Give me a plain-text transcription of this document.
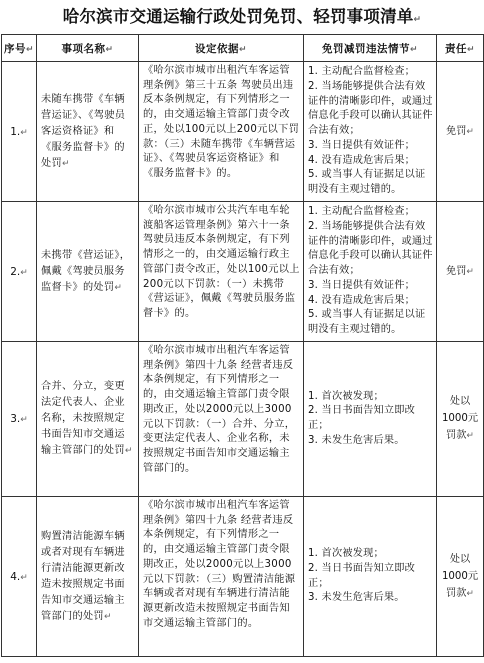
哈尔滨市交通运输行政处罚免罚、轻罚事项清单↵
序号↵	事项名称↵	设定依据↵	免罚减罚违法情节↵	责任↵
1.↵	未随车携带《车辆营运证》、《驾驶员客运资格证》和《服务监督卡》的处罚↵	《哈尔滨市城市出租汽车客运管理条例》第三十五条 驾驶员出违反本条例规定，有下列情形之一的，由交通运输主管部门责令改正，处以100元以上200元以下罚款：（三）未随车携带《车辆营运证》、《驾驶员客运资格证》和《服务监督卡》的。	1. 主动配合监督检查；
2. 当场能够提供合法有效证件的清晰影印件，或通过信息化手段可以确认其证件合法有效；
3. 当日提供有效证件；
4. 没有造成危害后果；
5. 或当事人有证据足以证明没有主观过错的。	免罚↵
2.↵	未携带《营运证》，佩戴《驾驶员服务监督卡》的处罚↵	《哈尔滨市城市公共汽车电车轮渡船客运管理条例》第六十一条 驾驶员违反本条例规定，有下列情形之一的，由交通运输行政主管部门责令改正，处以100元以上200元以下罚款：（一）未携带《营运证》，佩戴《驾驶员服务监督卡》的。	1. 主动配合监督检查；
2. 当场能够提供合法有效证件的清晰影印件，或通过信息化手段可以确认其证件合法有效；
3. 当日提供有效证件；
4. 没有造成危害后果；
5. 或当事人有证据足以证明没有主观过错的。	免罚↵
3.↵	合并、分立，变更法定代表人、企业名称，未按照规定书面告知市交通运输主管部门的处罚↵	《哈尔滨市城市出租汽车客运管理条例》第四十九条 经营者违反本条例规定，有下列情形之一的，由交通运输主管部门责令限期改正，处以2000元以上3000元以下罚款：（一）合并、分立，变更法定代表人、企业名称，未按照规定书面告知市交通运输主管部门的。	1. 首次被发现；
2. 当日书面告知立即改正；
3. 未发生危害后果。	处以1000元罚款↵
4.↵	购置清洁能源车辆或者对现有车辆进行清洁能源更新改造未按照规定书面告知市交通运输主管部门的处罚↵	《哈尔滨市城市出租汽车客运管理条例》第四十九条 经营者违反本条例规定，有下列情形之一的，由交通运输主管部门责令限期改正，处以2000元以上3000元以下罚款：（三）购置清洁能源车辆或者对现有车辆进行清洁能源更新改造未按照规定书面告知市交通运输主管部门的。	1. 首次被发现；
2. 当日书面告知立即改正；
3. 未发生危害后果。	处以1000元罚款↵
